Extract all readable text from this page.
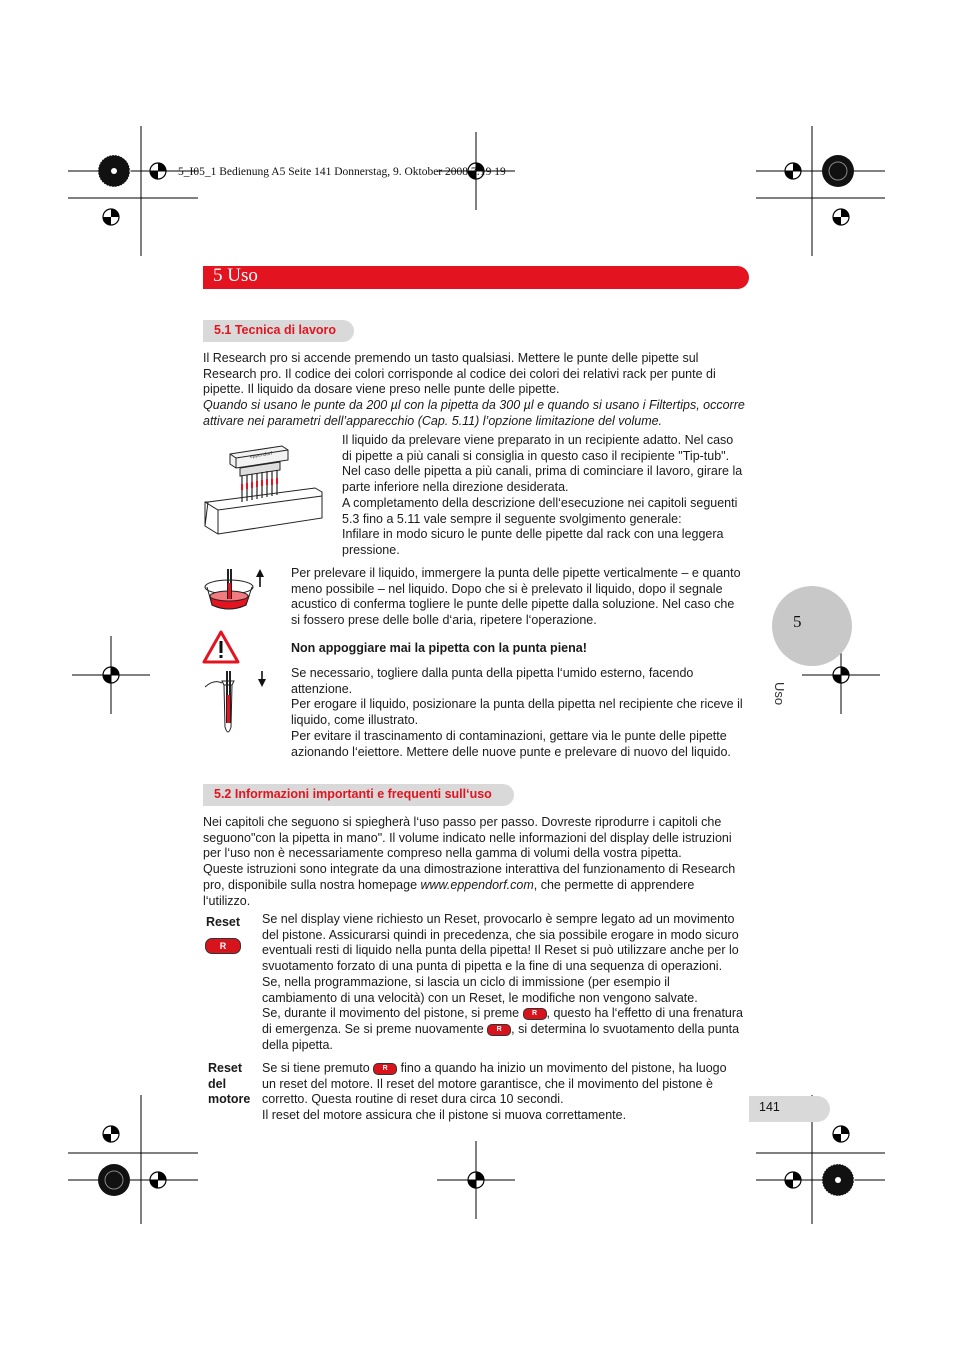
5_I05_1 Bedienung A5 Seite 141 Donnerstag, 9. Oktober 2008 7:19 19
5 Uso
5.1 Tecnica di lavoro
Il Research pro si accende premendo un tasto qualsiasi. Mettere le punte delle pipette sul
Research pro. Il codice dei colori corrisponde al codice dei colori dei relativi rack per punte di
pipette. Il liquido da dosare viene preso nelle punte delle pipette.
Quando si usano le punte da 200 µl con la pipetta da 300 µl e quando si usano i Filtertips, occorre
attivare nei parametri dell’apparecchio (Cap. 5.11) l’opzione limitazione del volume.
eppendorf
Il liquido da prelevare viene preparato in un recipiente adatto. Nel caso
di pipette a più canali si consiglia in questo caso il recipiente "Tip-tub".
Nel caso delle pipetta a più canali, prima di cominciare il lavoro, girare la
parte inferiore nella direzione desiderata.
A completamento della descrizione dell‘esecuzione nei capitoli seguenti
5.3 fino a 5.11 vale sempre il seguente svolgimento generale:
Infilare in modo sicuro le punte delle pipette dal rack con una leggera
pressione.
Per prelevare il liquido, immergere la punta delle pipette verticalmente – e quanto
meno possibile – nel liquido. Dopo che si è prelevato il liquido, dopo il segnale
acustico di conferma togliere le punte delle pipette dalla soluzione. Nel caso che
si fossero prese delle bolle d‘aria, ripetere l‘operazione.
Non appoggiare mai la pipetta con la punta piena!
Se necessario, togliere dalla punta della pipetta l‘umido esterno, facendo
attenzione.
Per erogare il liquido, posizionare la punta della pipetta nel recipiente che riceve il
liquido, come illustrato.
Per evitare il trascinamento di contaminazioni, gettare via le punte delle pipette
azionando l‘eiettore. Mettere delle nuove punte e prelevare di nuovo del liquido.
5.2 Informazioni importanti e frequenti sull‘uso
Nei capitoli che seguono si spiegherà l‘uso passo per passo. Dovreste riprodurre i capitoli che
seguono"con la pipetta in mano". Il volume indicato nelle informazioni del display delle istruzioni
per l‘uso non è necessariamente compreso nella gamma di volumi della vostra pipetta.
Queste istruzioni sono integrate da una dimostrazione interattiva del funzionamento di Research
pro, disponibile sulla nostra homepage www.eppendorf.com, che permette di apprendere
l‘utilizzo.
Reset
R
Se nel display viene richiesto un Reset, provocarlo è sempre legato ad un movimento
del pistone. Assicurarsi quindi in precedenza, che sia possibile erogare in modo sicuro
eventuali resti di liquido nella punta della pipetta! Il Reset si può utilizzare anche per lo
svuotamento forzato di una punta di pipetta e la fine di una sequenza di operazioni.
Se, nella programmazione, si lascia un ciclo di immissione (per esempio il
cambiamento di una velocità) con un Reset, le modifiche non vengono salvate.
Se, durante il movimento del pistone, si preme R , questo ha l‘effetto di una frenatura
di emergenza. Se si preme nuovamente R , si determina lo svuotamento della punta
della pipetta.
Reset
del
motore
Se si tiene premuto R fino a quando ha inizio un movimento del pistone, ha luogo
un reset del motore. Il reset del motore garantisce, che il movimento del pistone è
corretto. Questa routine di reset dura circa 10 secondi.
Il reset del motore assicura che il pistone si muova correttamente.
5
Uso
141
